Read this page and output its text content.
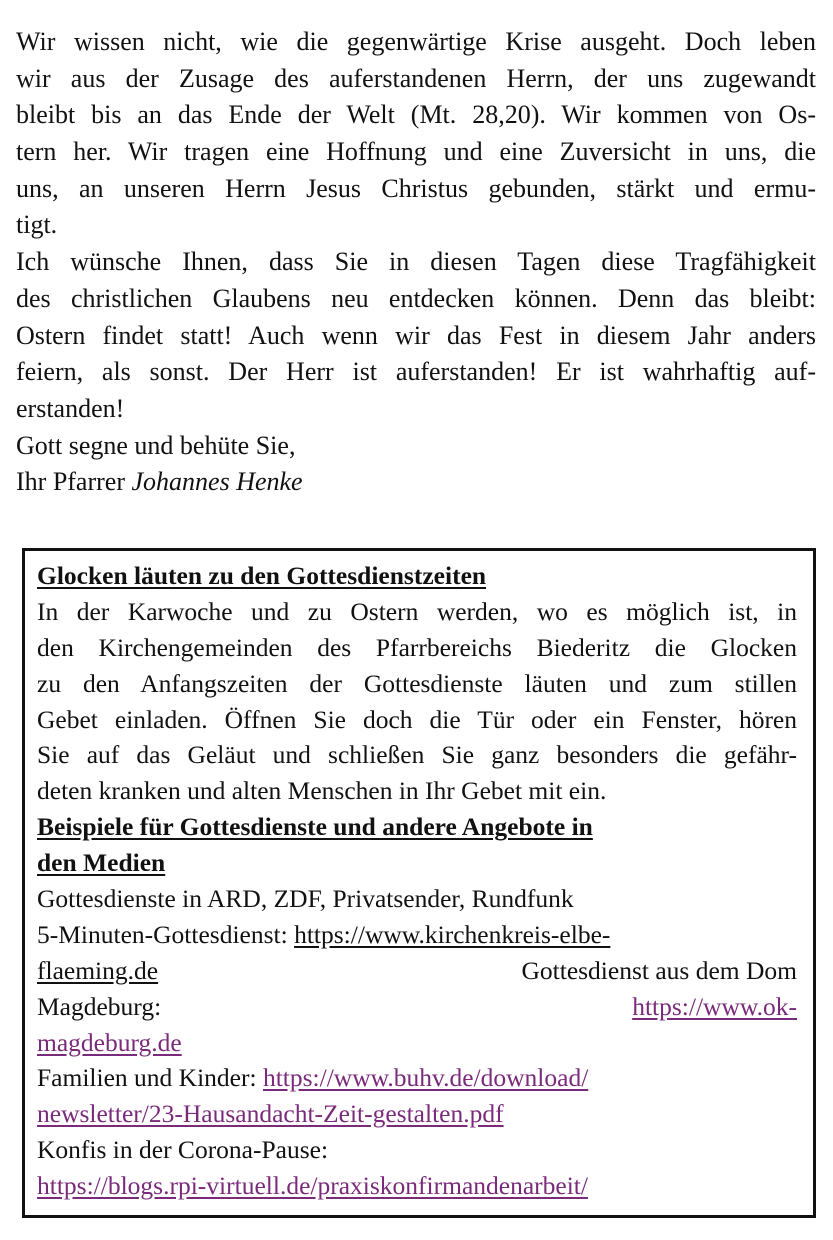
Wir wissen nicht, wie die gegenwärtige Krise ausgeht. Doch leben
wir aus der Zusage des auferstandenen Herrn, der uns zugewandt
bleibt bis an das Ende der Welt (Mt. 28,20). Wir kommen von Os-
tern her. Wir tragen eine Hoffnung und eine Zuversicht in uns, die
uns, an unseren Herrn Jesus Christus gebunden, stärkt und ermu-
tigt.
Ich wünsche Ihnen, dass Sie in diesen Tagen diese Tragfähigkeit
des christlichen Glaubens neu entdecken können. Denn das bleibt:
Ostern findet statt! Auch wenn wir das Fest in diesem Jahr anders
feiern, als sonst. Der Herr ist auferstanden! Er ist wahrhaftig auf-
erstanden!
Gott segne und behüte Sie,
Ihr Pfarrer Johannes Henke
Glocken läuten zu den Gottesdienstzeiten
In der Karwoche und zu Ostern werden, wo es möglich ist, in
den Kirchengemeinden des Pfarrbereichs Biederitz die Glocken
zu den Anfangszeiten der Gottesdienste läuten und zum stillen
Gebet einladen. Öffnen Sie doch die Tür oder ein Fenster, hören
Sie auf das Geläut und schließen Sie ganz besonders die gefähr-
deten kranken und alten Menschen in Ihr Gebet mit ein.
Beispiele für Gottesdienste und andere Angebote in
den Medien
Gottesdienste in ARD, ZDF, Privatsender, Rundfunk
5-Minuten-Gottesdienst: https://www.kirchenkreis-elbe-
flaeming.de	Gottesdienst aus dem Dom
Magdeburg:	https://www.ok-
magdeburg.de
Familien und Kinder: https://www.buhv.de/download/
newsletter/23-Hausandacht-Zeit-gestalten.pdf
Konfis in der Corona-Pause:
https://blogs.rpi-virtuell.de/praxiskonfirmandenarbeit/
